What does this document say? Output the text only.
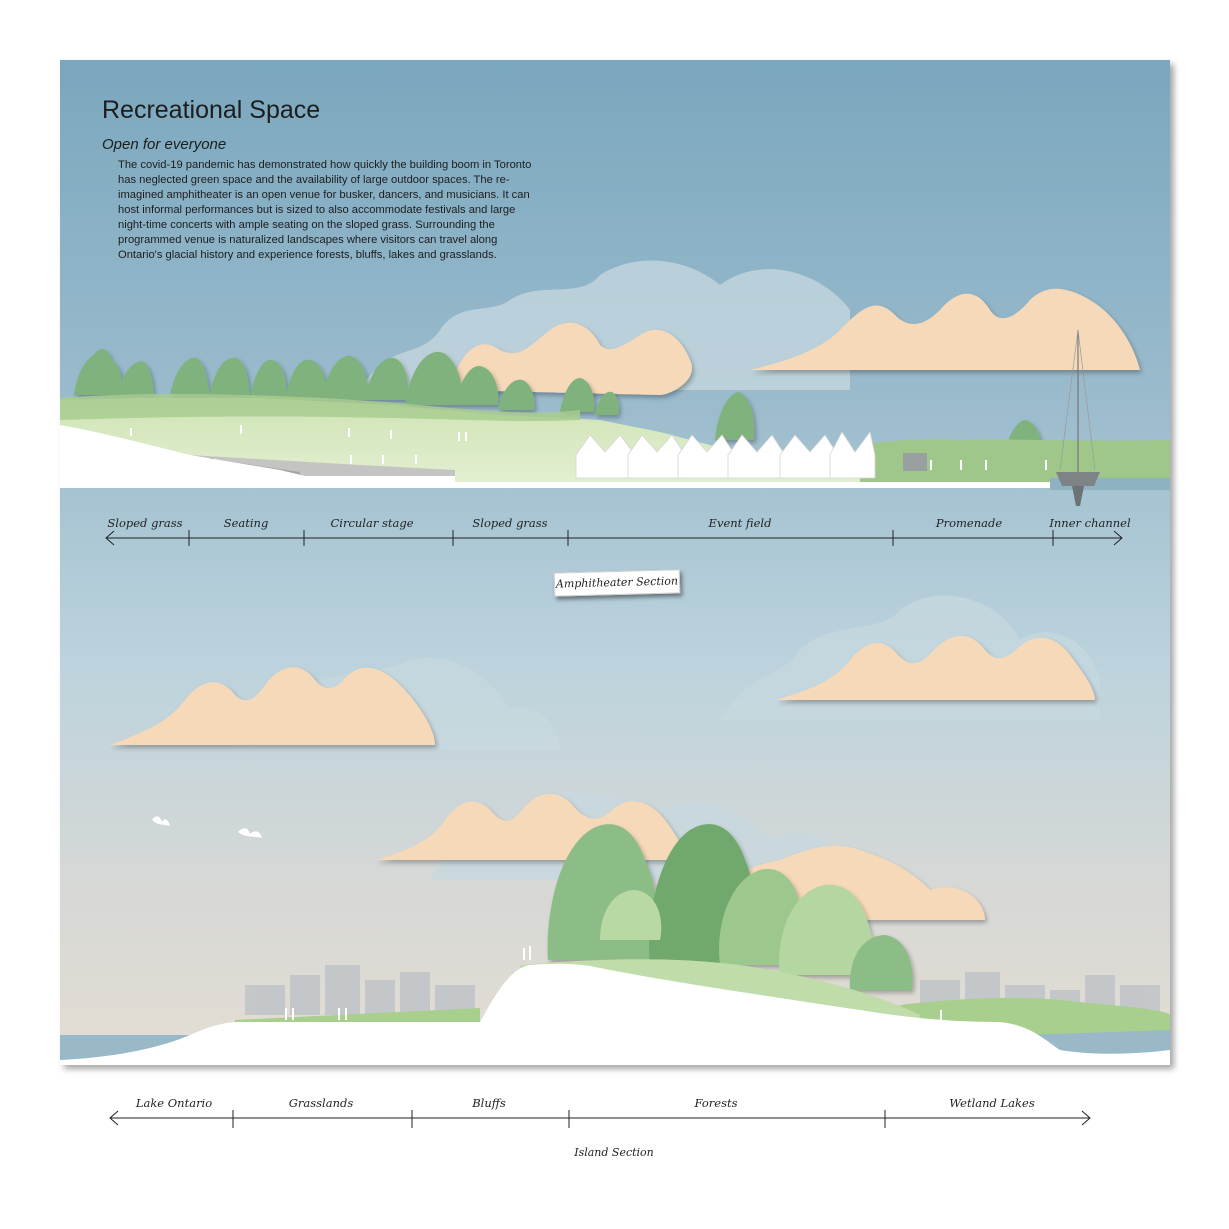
Recreational Space
Open for everyone
The covid-19 pandemic has demonstrated how quickly the building boom in Toronto has neglected green space and the availability of large outdoor spaces. The re-imagined amphitheater is an open venue for busker, dancers, and musicians. It can host informal performances but is sized to also accommodate festivals and large night-time concerts with ample seating on the sloped grass. Surrounding the programmed venue is naturalized landscapes where visitors can travel along Ontario's glacial history and experience forests, bluffs, lakes and grasslands.
Sloped grass	Seating	Circular stage	Sloped grass	Event field	Promenade	Inner channel
Amphitheater Section
Lake Ontario	Grasslands	Bluffs	Forests	Wetland Lakes
Island Section
